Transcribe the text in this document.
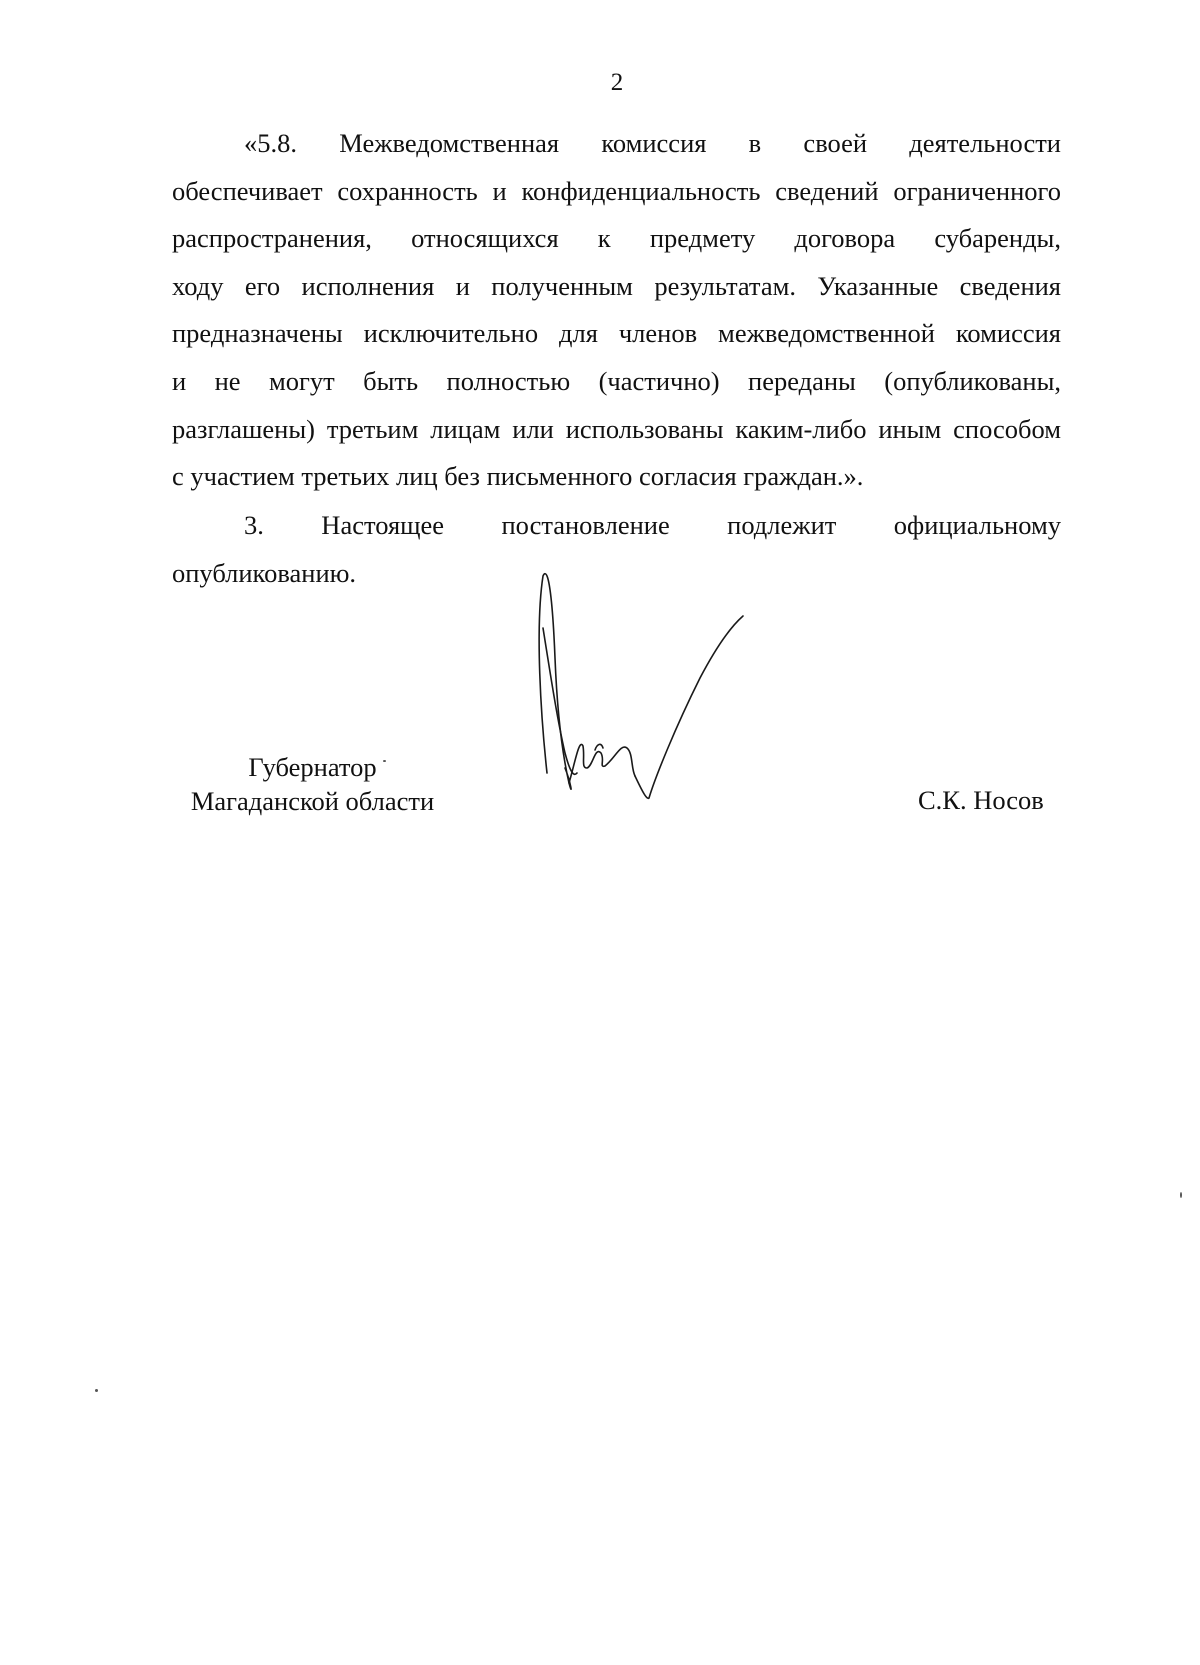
2
«5.8. Межведомственная комиссия в своей деятельности
обеспечивает сохранность и конфиденциальность сведений ограниченного
распространения, относящихся к предмету договора субаренды,
ходу его исполнения и полученным результатам. Указанные сведения
предназначены исключительно для членов межведомственной комиссия
и не могут быть полностью (частично) переданы (опубликованы,
разглашены) третьим лицам или использованы каким-либо иным способом
с участием третьих лиц без письменного согласия граждан.».
3. Настоящее постановление подлежит официальному
опубликованию.
Губернатор
Магаданской области	С.К. Носов
